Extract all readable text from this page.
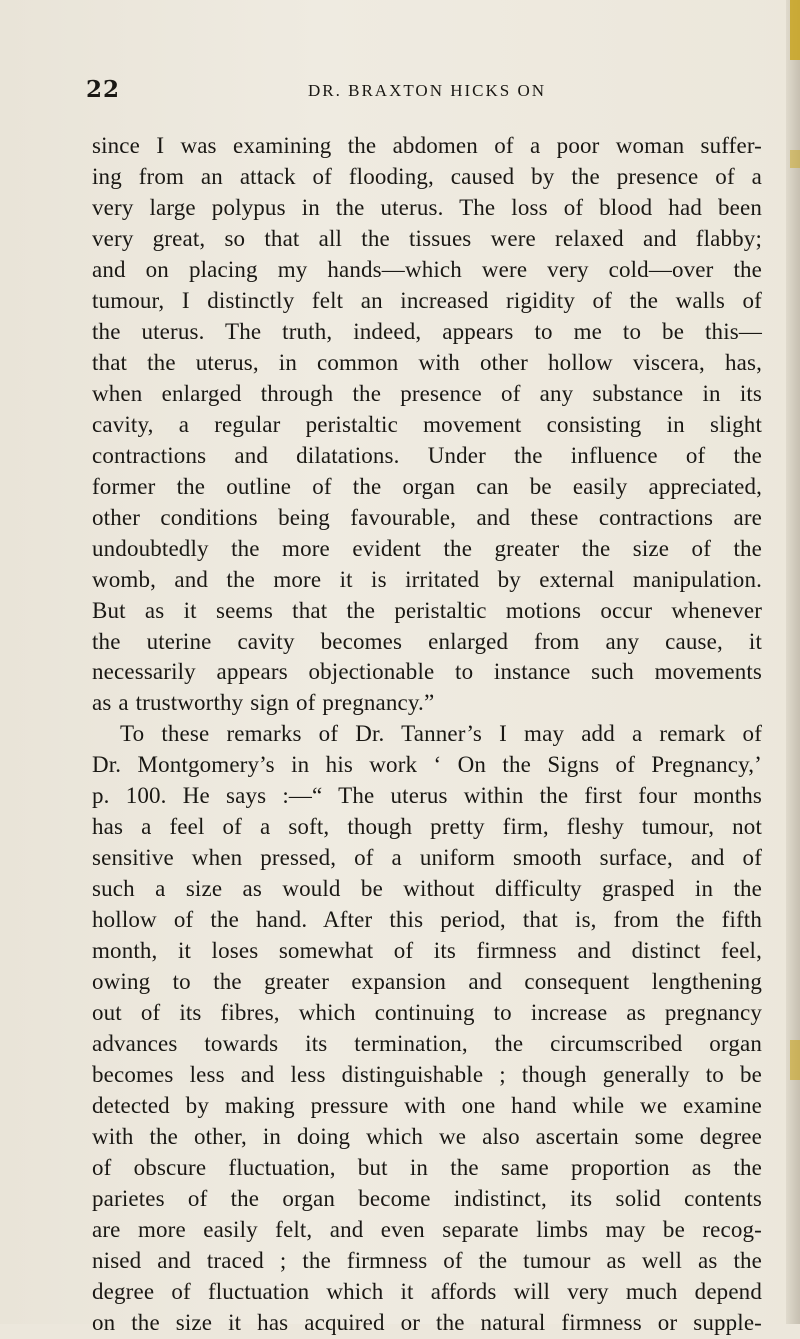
22	DR. BRAXTON HICKS ON
since I was examining the abdomen of a poor woman suffer-
ing from an attack of flooding, caused by the presence of a
very large polypus in the uterus. The loss of blood had been
very great, so that all the tissues were relaxed and flabby;
and on placing my hands—which were very cold—over the
tumour, I distinctly felt an increased rigidity of the walls of
the uterus. The truth, indeed, appears to me to be this—
that the uterus, in common with other hollow viscera, has,
when enlarged through the presence of any substance in its
cavity, a regular peristaltic movement consisting in slight
contractions and dilatations. Under the influence of the
former the outline of the organ can be easily appreciated,
other conditions being favourable, and these contractions are
undoubtedly the more evident the greater the size of the
womb, and the more it is irritated by external manipulation.
But as it seems that the peristaltic motions occur whenever
the uterine cavity becomes enlarged from any cause, it
necessarily appears objectionable to instance such movements
as a trustworthy sign of pregnancy.”
To these remarks of Dr. Tanner’s I may add a remark of
Dr. Montgomery’s in his work ‘ On the Signs of Pregnancy,’
p. 100. He says :—“ The uterus within the first four months
has a feel of a soft, though pretty firm, fleshy tumour, not
sensitive when pressed, of a uniform smooth surface, and of
such a size as would be without difficulty grasped in the
hollow of the hand. After this period, that is, from the fifth
month, it loses somewhat of its firmness and distinct feel,
owing to the greater expansion and consequent lengthening
out of its fibres, which continuing to increase as pregnancy
advances towards its termination, the circumscribed organ
becomes less and less distinguishable ; though generally to be
detected by making pressure with one hand while we examine
with the other, in doing which we also ascertain some degree
of obscure fluctuation, but in the same proportion as the
parietes of the organ become indistinct, its solid contents
are more easily felt, and even separate limbs may be recog-
nised and traced ; the firmness of the tumour as well as the
degree of fluctuation which it affords will very much depend
on the size it has acquired or the natural firmness or supple-
